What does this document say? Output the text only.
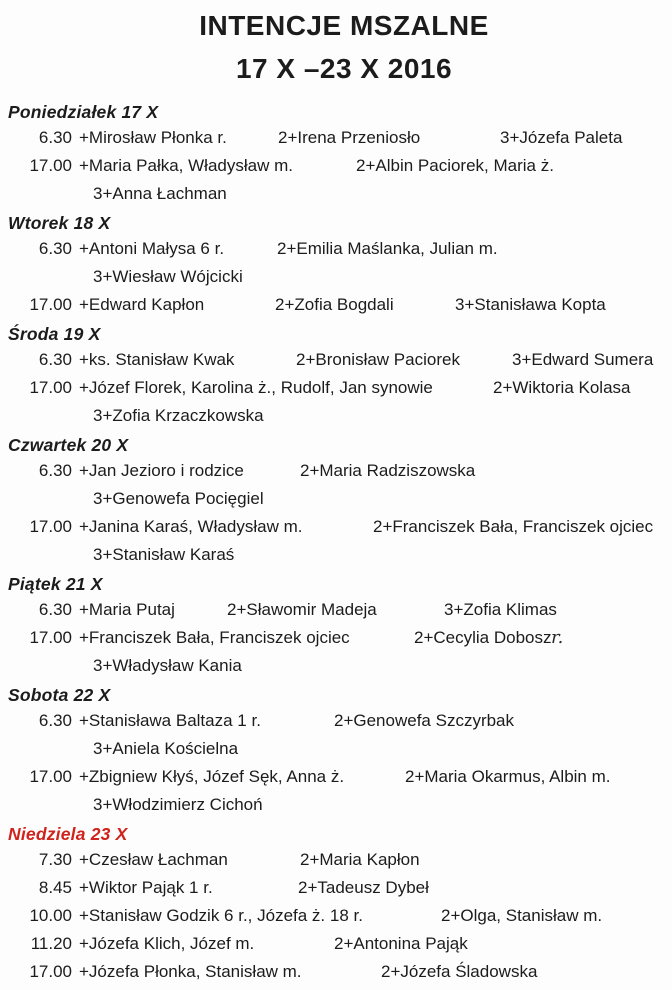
INTENCJE MSZALNE
17 X –23 X 2016
Poniedziałek 17 X
6.30 +Mirosław Płonka r.	2+Irena Przeniosło	3+Józefa Paleta
17.00 +Maria Pałka, Władysław m.	2+Albin Paciorek, Maria ż.
3+Anna Łachman
Wtorek 18 X
6.30 +Antoni Małysa 6 r.	2+Emilia Maślanka, Julian m.
3+Wiesław Wójcicki
17.00 +Edward Kapłon	2+Zofia Bogdali	3+Stanisława Kopta
Środa 19 X
6.30 +ks. Stanisław Kwak	2+Bronisław Paciorek	3+Edward Sumera
17.00 +Józef Florek, Karolina ż., Rudolf, Jan synowie	2+Wiktoria Kolasa
3+Zofia Krzaczkowska
Czwartek 20 X
6.30 +Jan Jezioro i rodzice	2+Maria Radziszowska
3+Genowefa Pocięgiel
17.00 +Janina Karaś, Władysław m.	2+Franciszek Bała, Franciszek ojciec
3+Stanisław Karaś
Piątek 21 X
6.30 +Maria Putaj	2+Sławomir Madeja	3+Zofia Klimas
17.00 +Franciszek Bała, Franciszek ojciec	2+Cecylia Dobosz r.
3+Władysław Kania
Sobota 22 X
6.30 +Stanisława Baltaza 1 r.	2+Genowefa Szczyrbak
3+Aniela Kościelna
17.00 +Zbigniew Kłyś, Józef Sęk, Anna ż.	2+Maria Okarmus, Albin m.
3+Włodzimierz Cichoń
Niedziela 23 X
7.30 +Czesław Łachman	2+Maria Kapłon
8.45 +Wiktor Pająk 1 r.	2+Tadeusz Dybeł
10.00 +Stanisław Godzik 6 r., Józefa ż. 18 r.	2+Olga, Stanisław m.
11.20 +Józefa Klich, Józef m.	2+Antonina Pająk
17.00 +Józefa Płonka, Stanisław m.	2+Józefa Śladowska
